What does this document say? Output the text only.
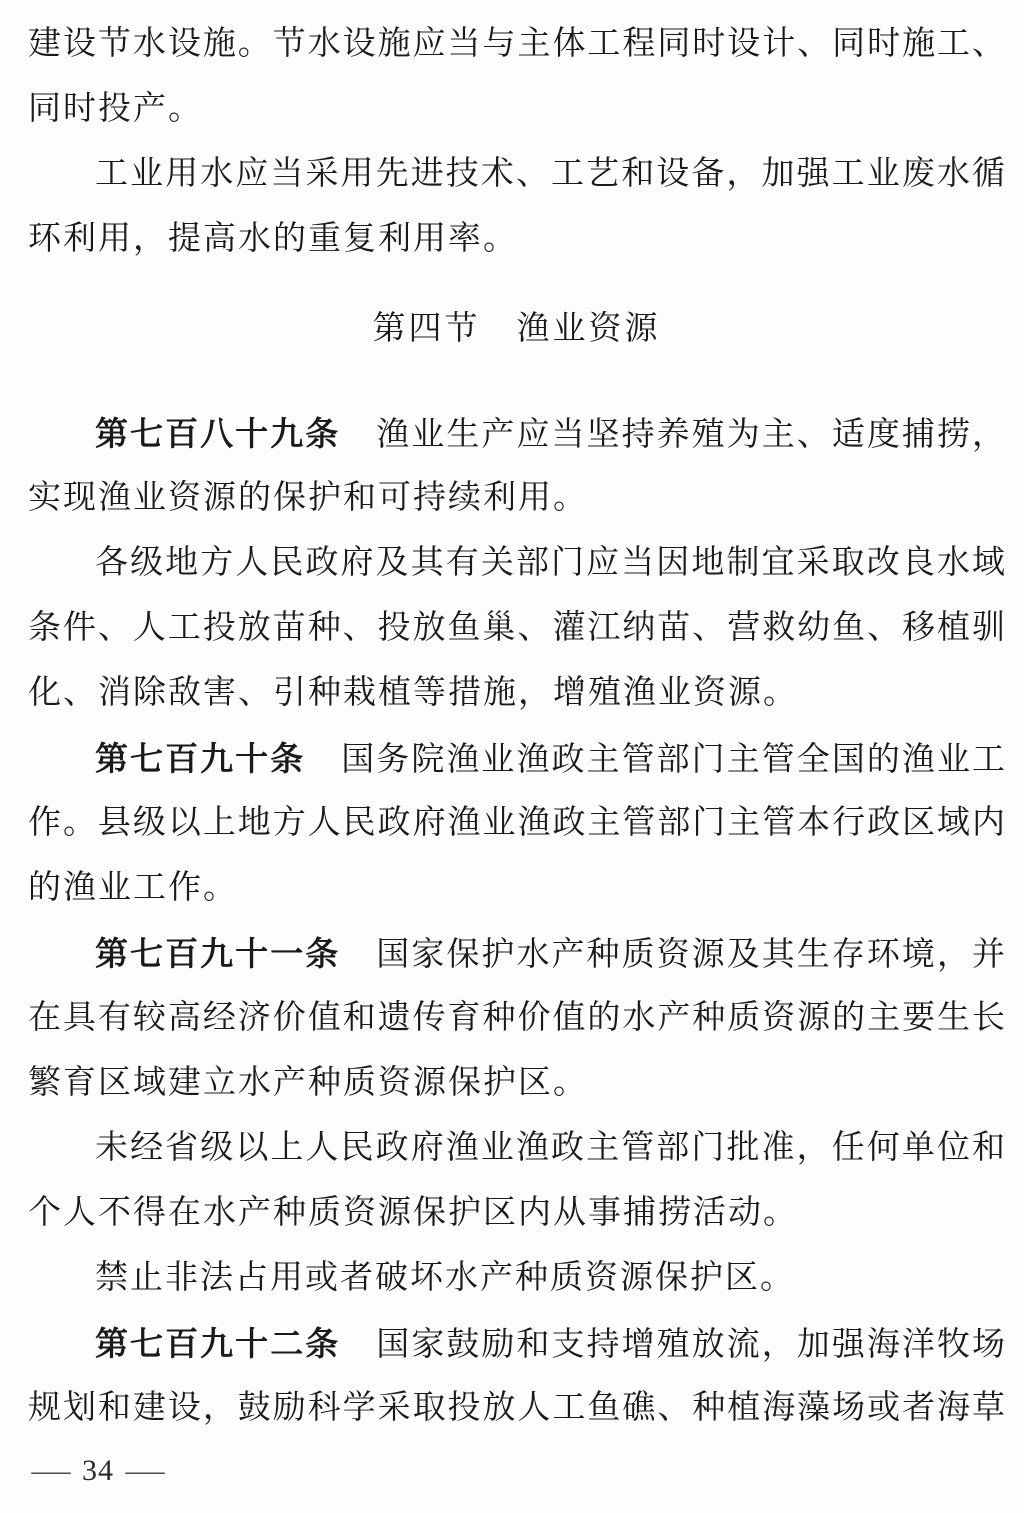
建设节水设施。节水设施应当与主体工程同时设计、同时施工、
同时投产。
工业用水应当采用先进技术、工艺和设备，加强工业废水循
环利用，提高水的重复利用率。
第四节　渔业资源
第七百八十九条 渔业生产应当坚持养殖为主、适度捕捞，
实现渔业资源的保护和可持续利用。
各级地方人民政府及其有关部门应当因地制宜采取改良水域
条件、人工投放苗种、投放鱼巢、灌江纳苗、营救幼鱼、移植驯
化、消除敌害、引种栽植等措施，增殖渔业资源。
第七百九十条 国务院渔业渔政主管部门主管全国的渔业工
作。县级以上地方人民政府渔业渔政主管部门主管本行政区域内
的渔业工作。
第七百九十一条 国家保护水产种质资源及其生存环境，并
在具有较高经济价值和遗传育种价值的水产种质资源的主要生长
繁育区域建立水产种质资源保护区。
未经省级以上人民政府渔业渔政主管部门批准，任何单位和
个人不得在水产种质资源保护区内从事捕捞活动。
禁止非法占用或者破坏水产种质资源保护区。
第七百九十二条 国家鼓励和支持增殖放流，加强海洋牧场
规划和建设，鼓励科学采取投放人工鱼礁、种植海藻场或者海草
— 34 —
